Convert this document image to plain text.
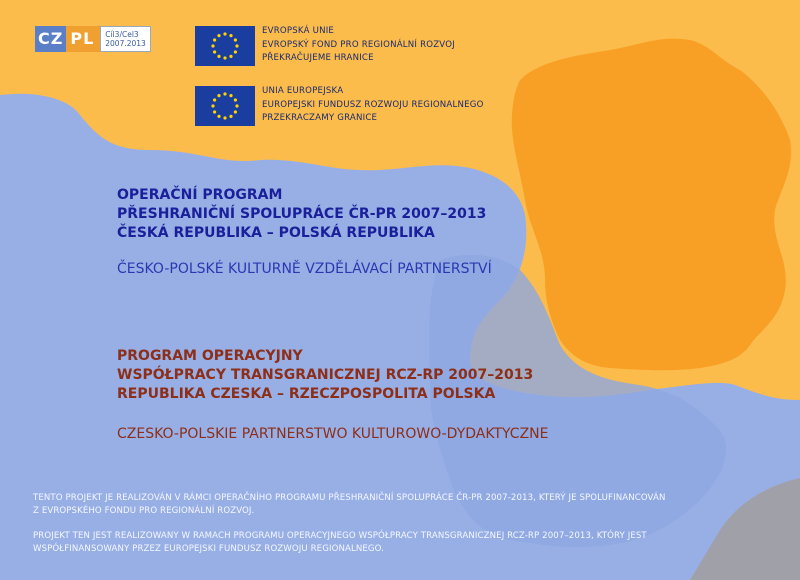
CZ PL	Cíl3/Cel3
2007.2013
EVROPSKÁ UNIE
EVROPSKÝ FOND PRO REGIONÁLNÍ ROZVOJ
PŘEKRAČUJEME HRANICE
UNIA EUROPEJSKA
EUROPEJSKI FUNDUSZ ROZWOJU REGIONALNEGO
PRZEKRACZAMY GRANICE
OPERAČNÍ PROGRAM
PŘESHRANIČNÍ SPOLUPRÁCE ČR-PR 2007–2013
ČESKÁ REPUBLIKA – POLSKÁ REPUBLIKA
ČESKO-POLSKÉ KULTURNĚ VZDĚLÁVACÍ PARTNERSTVÍ
PROGRAM OPERACYJNY
WSPÓŁPRACY TRANSGRANICZNEJ RCZ-RP 2007–2013
REPUBLIKA CZESKA – RZECZPOSPOLITA POLSKA
CZESKO-POLSKIE PARTNERSTWO KULTUROWO-DYDAKTYCZNE
TENTO PROJEKT JE REALIZOVÁN V RÁMCI OPERAČNÍHO PROGRAMU PŘESHRANIČNÍ SPOLUPRÁCE ČR-PR 2007-2013, KTERÝ JE SPOLUFINANCOVÁN
Z EVROPSKÉHO FONDU PRO REGIONÁLNÍ ROZVOJ.
PROJEKT TEN JEST REALIZOWANY W RAMACH PROGRAMU OPERACYJNEGO WSPÓŁPRACY TRANSGRANICZNEJ RCZ-RP 2007–2013, KTÓRY JEST
WSPÓŁFINANSOWANY PRZEZ EUROPEJSKI FUNDUSZ ROZWOJU REGIONALNEGO.
